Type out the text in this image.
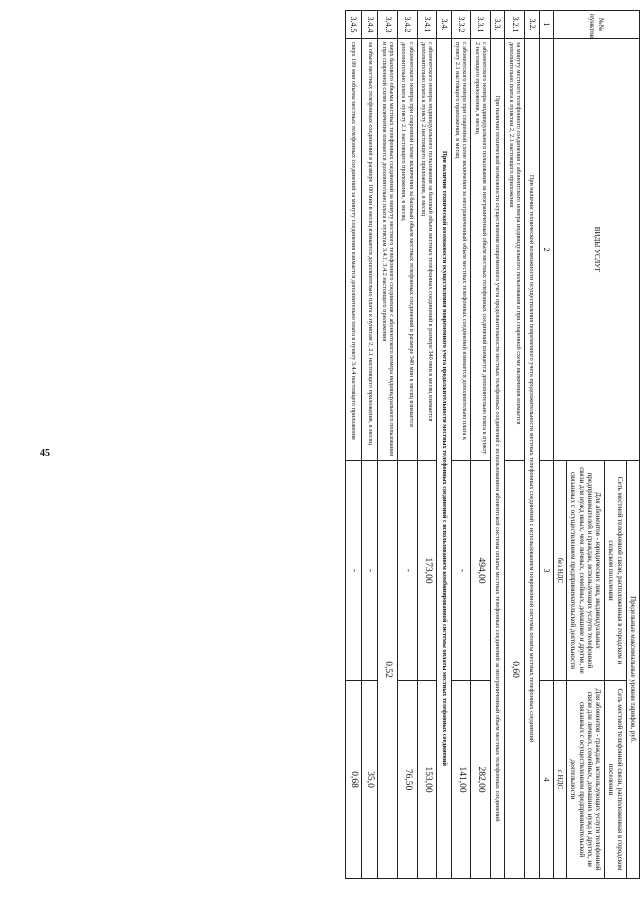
45
№№ пунктов	ВИДЫ УСЛУГ	Предельные максимальные уровни тарифов, руб.	
		Сеть местной телефонной связи, расположенная в городском и сельском поселении	Сеть местной телефонной связи, расположенная в городском поселении
		Для абонентов - юридических лиц, индивидуальных предпринимателей и граждан, использующих услуги телефонной связи для нужд иных, чем личных, семейных, домашние и другие, не связанных с осуществлением предпринимательской деятельности	Для абонентов - граждан, использующих услуги телефонной связи для личных, семейных, домашних нужд и других, не связанных с осуществлением предпринимательской деятельности
		без НДС	с НДС
1	2	3	4
3.2.	При наличии технической возможности осуществления повременного учета продолжительности местных телефонных соединений с использованием повременной системы оплаты местных телефонных соединений		
3.2.1	за минуту местного телефонного соединения с абонентского номера индивидуального пользования и при спаренной схеме включения взимается дополнительно плата к пунктам 2, 2.1 настоящего приложения	0,60	
3.3.	При наличии технической возможности осуществления повременного учета продолжительности местных телефонных соединений с использованием абонентской системы оплаты местных телефонных соединений за неограниченный объем местных телефонных соединений		
3.3.1	с абонентского номера индивидуального пользования за неограниченный объем местных телефонных соединений взимается дополнительно плата к пункту 2 настоящего приложения, в месяц	494,00	282,00
3.3.2	с абонентского номера при спаренной схеме включения за неограниченный объем местных телефонных соединений взимается дополнительно плата к пункту 2.1 настоящего приложения, в месяц	-	141,00
3.4.	При наличии технической возможности осуществления повременного учета продолжительности местных телефонных соединений с использованием комбинированной системы оплаты местных телефонных соединений		
3.4.1	с абонентского номера индивидуального пользования за базовый объем местных телефонных соединений в размере 340 мин в месяц взимается дополнительно плата к пункту 2 настоящего приложения, в месяц	173,00	153,00
3.4.2	с абонентского номера при спаренной схеме включения за базовый объем местных телефонных соединений в размере 340 мин в месяц взимается дополнительно плата к пункту 2.1 настоящего приложения, в месяц	-	76,50
3.4.3	сверх базового объема местных телефонных соединений за минуту местного телефонного соединения с абонентского номера индивидуального пользования и при спаренной схеме включения взимается дополнительно плата к пунктам 3.4.1, 3.4.2 настоящего приложения	0,52	
3.4.4	за объем местных телефонных соединений в размере 100 мин в месяц взимается дополнительно плата к пунктам 2, 2.1 настоящего приложения, в месяц	-	35,0
3.4.5	сверх 100 мин объема местных телефонных соединений за минуту соединения взимается дополнительно плата к пункту 3.4.4 настоящего приложения	-	0,68
